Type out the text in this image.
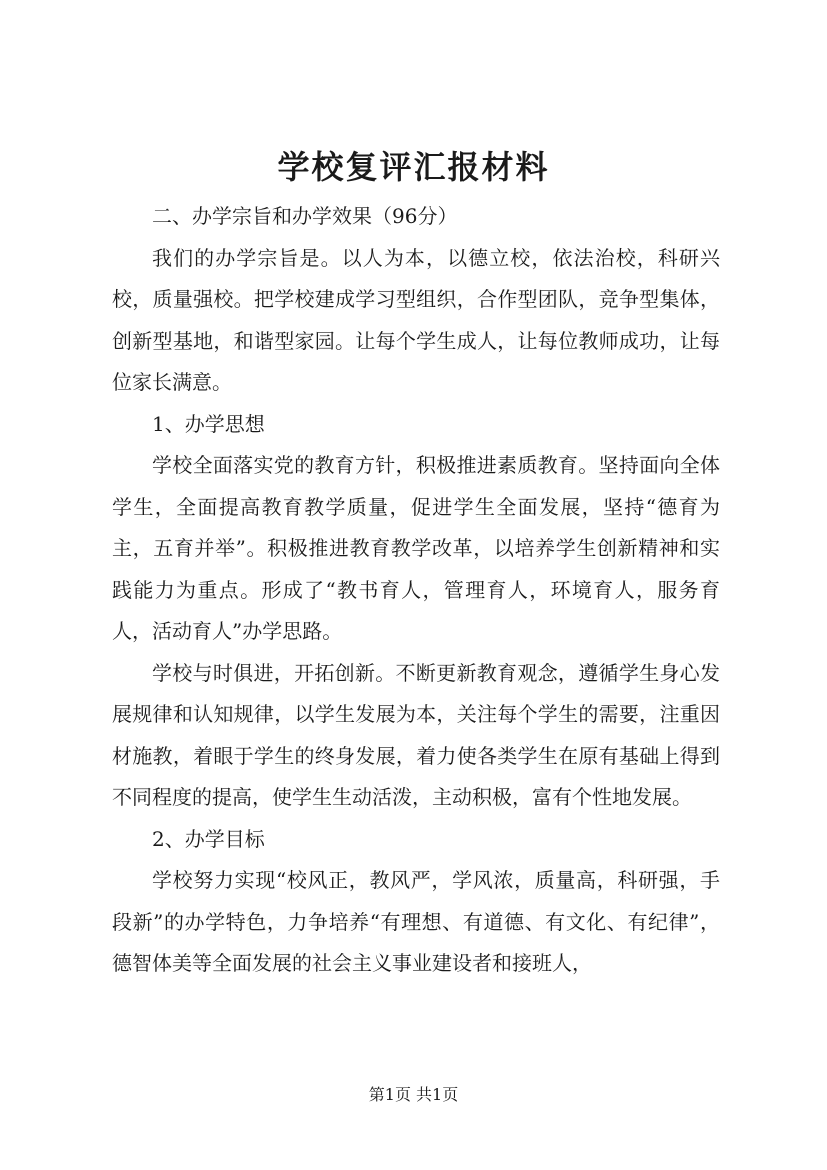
学校复评汇报材料

二、办学宗旨和办学效果（96分）

我们的办学宗旨是。以人为本，以德立校，依法治校，科研兴校，质量强校。把学校建成学习型组织，合作型团队，竞争型集体，创新型基地，和谐型家园。让每个学生成人，让每位教师成功，让每位家长满意。

1、办学思想

学校全面落实党的教育方针，积极推进素质教育。坚持面向全体学生，全面提高教育教学质量，促进学生全面发展，坚持“德育为主，五育并举”。积极推进教育教学改革，以培养学生创新精神和实践能力为重点。形成了“教书育人，管理育人，环境育人，服务育人，活动育人”办学思路。

学校与时俱进，开拓创新。不断更新教育观念，遵循学生身心发展规律和认知规律，以学生发展为本，关注每个学生的需要，注重因材施教，着眼于学生的终身发展，着力使各类学生在原有基础上得到不同程度的提高，使学生生动活泼，主动积极，富有个性地发展。

2、办学目标

学校努力实现“校风正，教风严，学风浓，质量高，科研强，手段新”的办学特色，力争培养“有理想、有道德、有文化、有纪律”，德智体美等全面发展的社会主义事业建设者和接班人，

第1页 共1页
